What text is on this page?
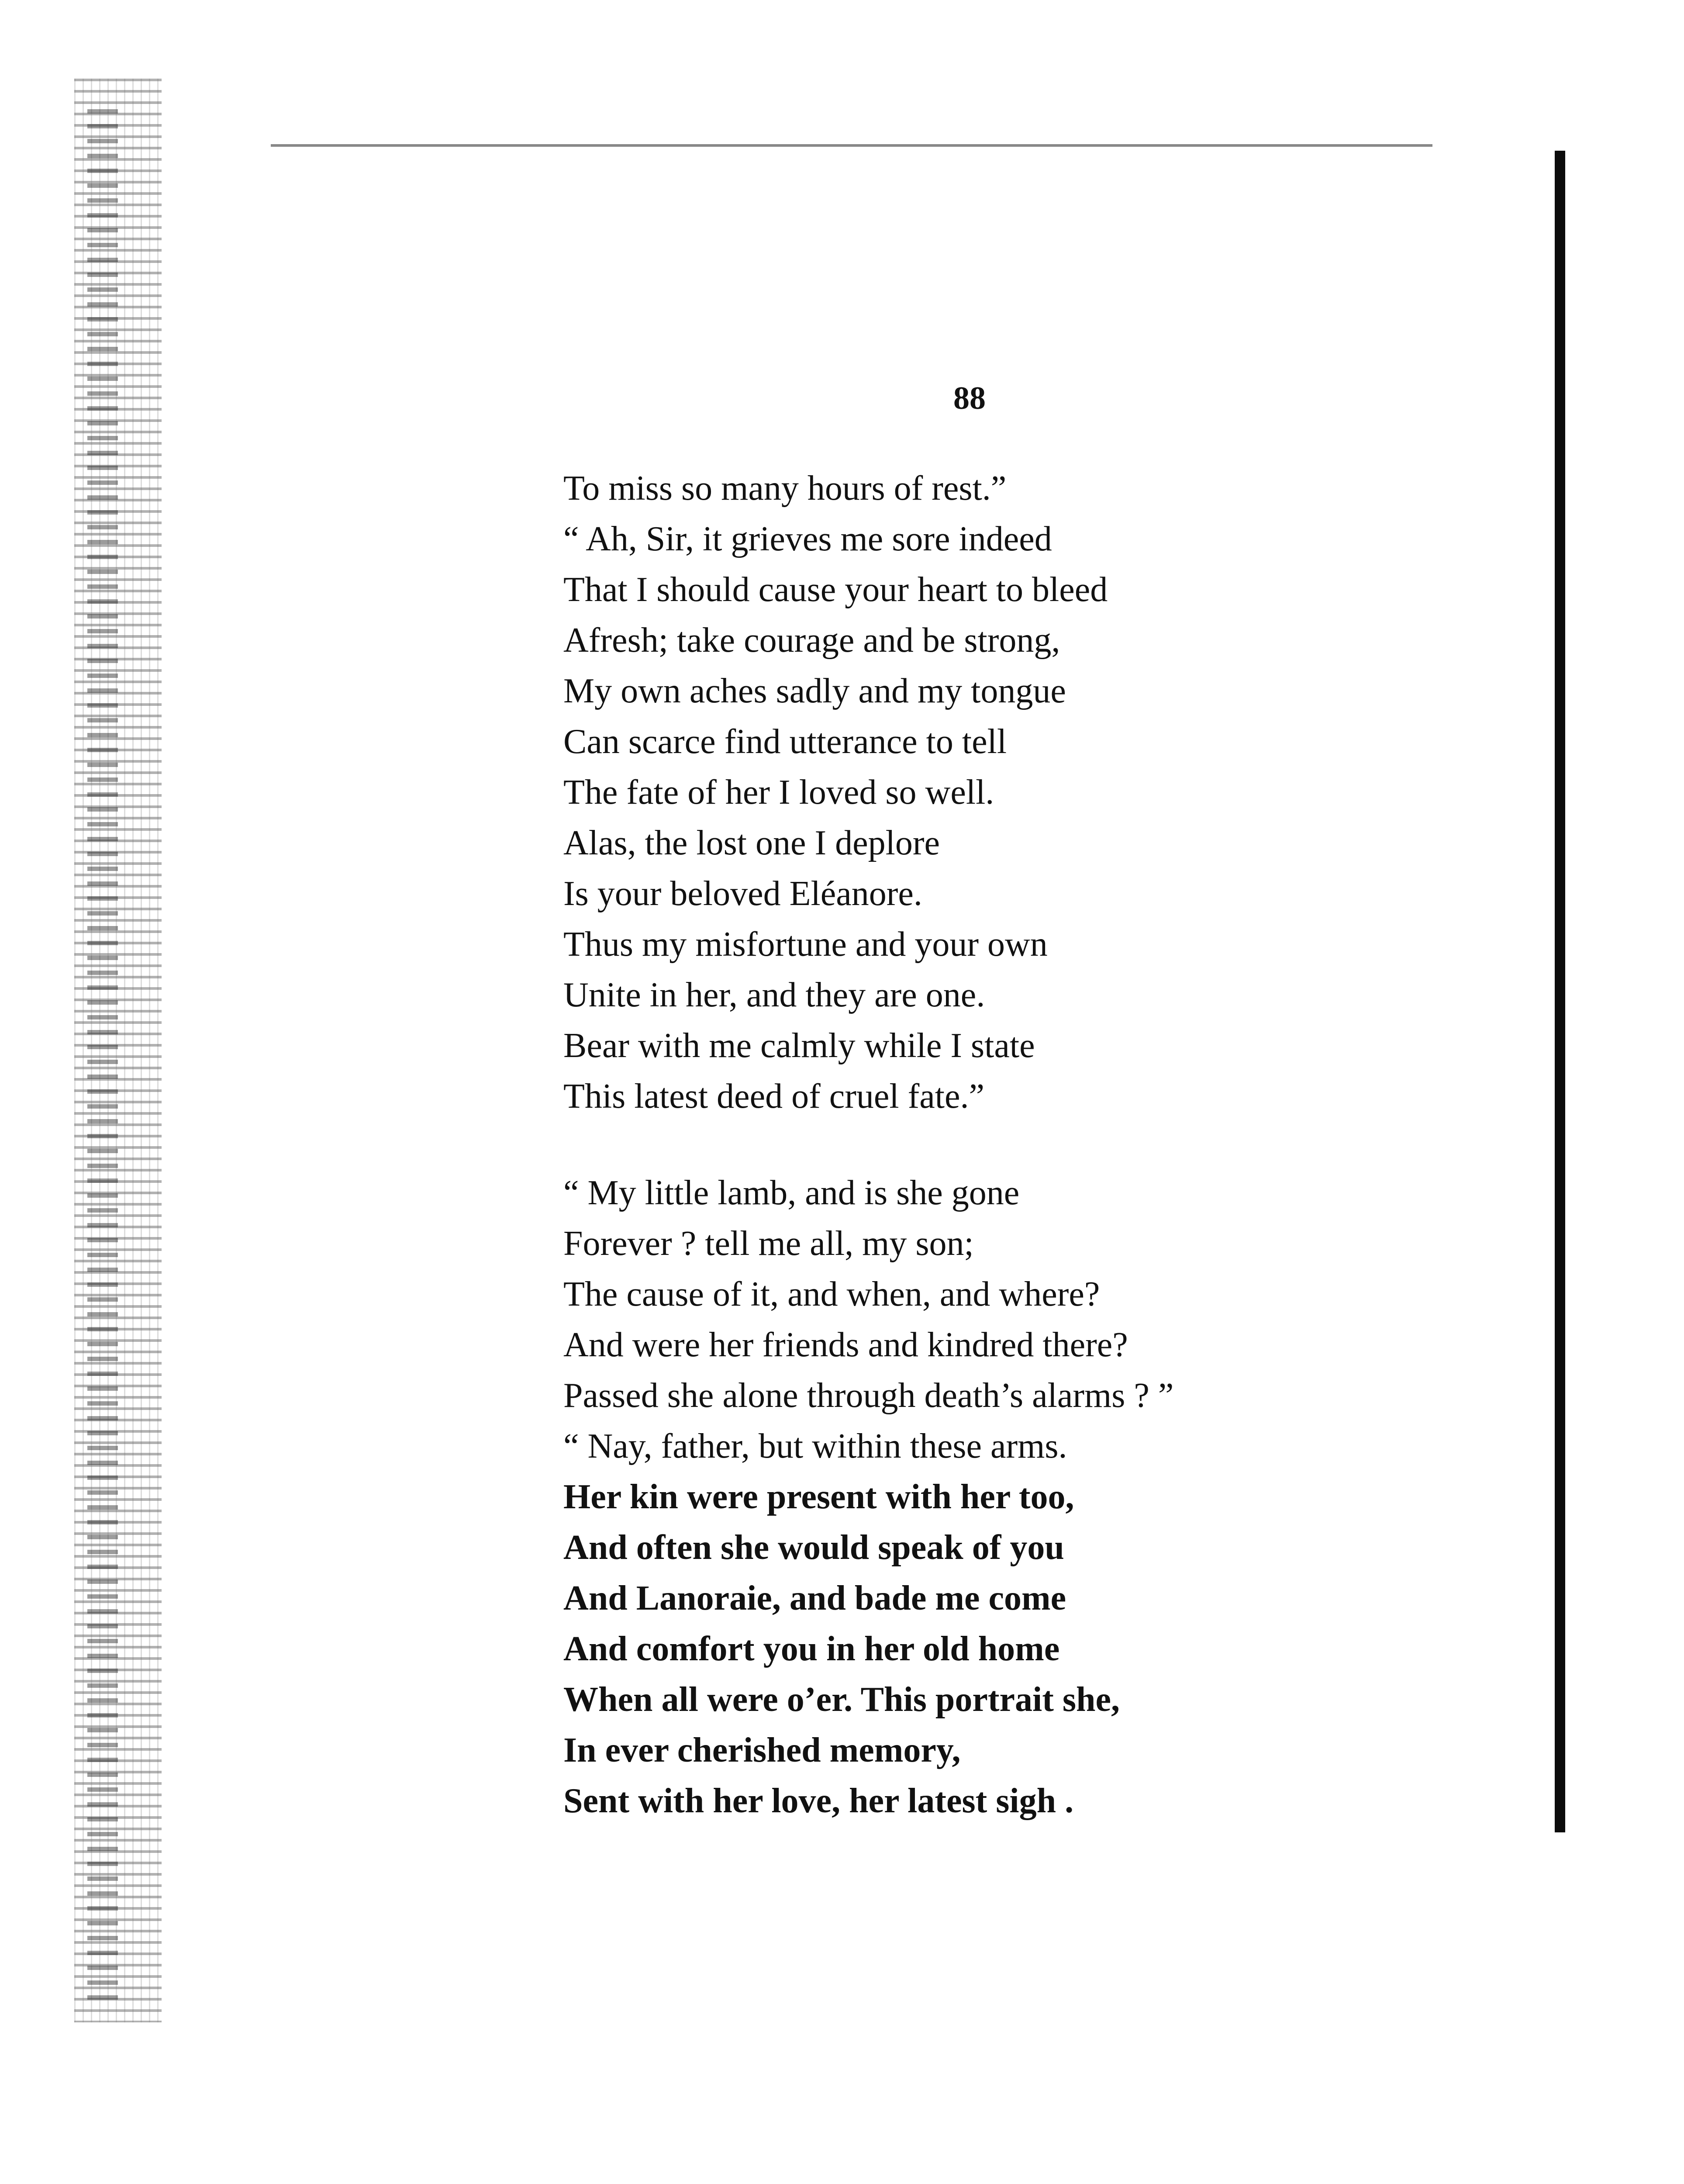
88
To miss so many hours of rest.”
“ Ah, Sir, it grieves me sore indeed
That I should cause your heart to bleed
Afresh; take courage and be strong,
My own aches sadly and my tongue
Can scarce find utterance to tell
The fate of her I loved so well.
Alas, the lost one I deplore
Is your beloved Eléanore.
Thus my misfortune and your own
Unite in her, and they are one.
Bear with me calmly while I state
This latest deed of cruel fate.”
“ My little lamb, and is she gone
Forever ? tell me all, my son;
The cause of it, and when, and where?
And were her friends and kindred there?
Passed she alone through death’s alarms ? ”
“ Nay, father, but within these arms.
Her kin were present with her too,
And often she would speak of you
And Lanoraie, and bade me come
And comfort you in her old home
When all were o’er. This portrait she,
In ever cherished memory,
Sent with her love, her latest sigh .
